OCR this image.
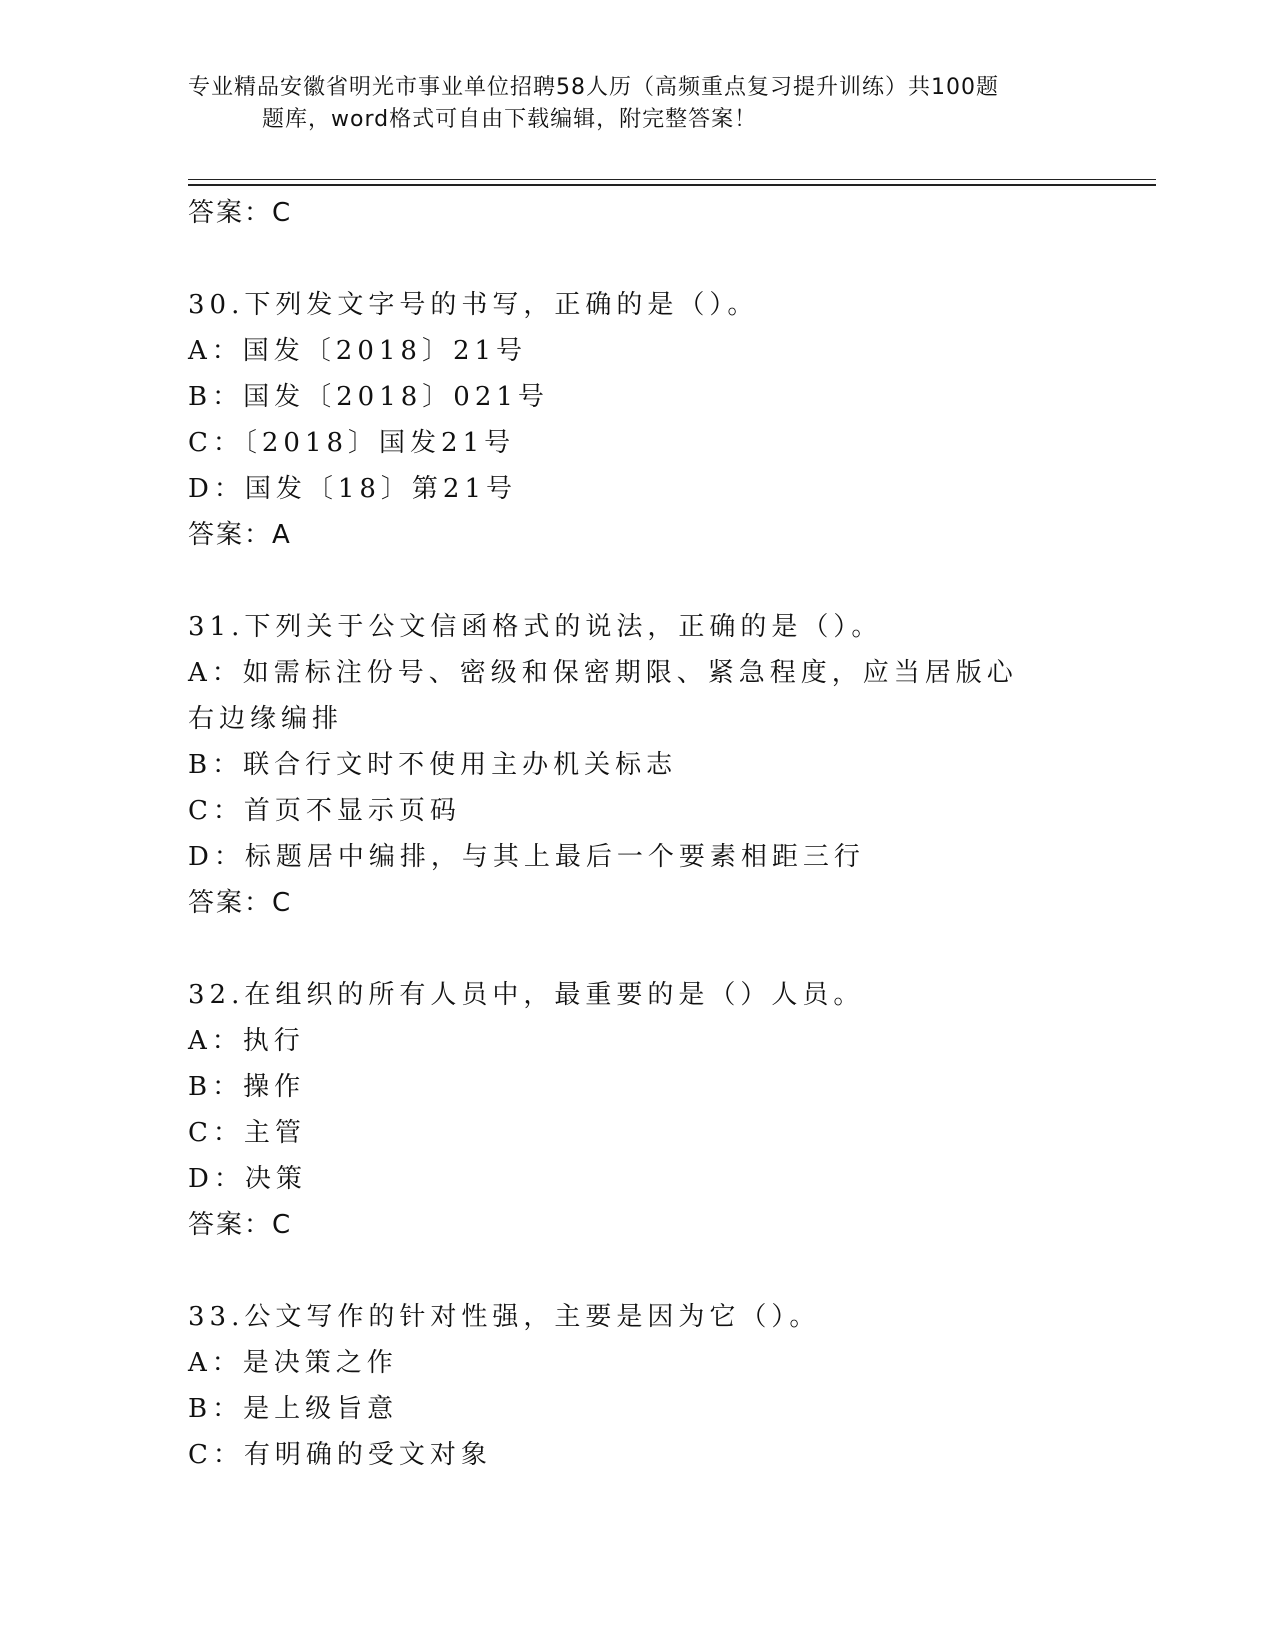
专业精品安徽省明光市事业单位招聘58人历（高频重点复习提升训练）共100题
题库，word格式可自由下载编辑，附完整答案！
答案：C
30.下列发文字号的书写，正确的是（）。
A：国发〔2018〕21号
B：国发〔2018〕021号
C：〔2018〕国发21号
D：国发〔18〕第21号
答案：A
31.下列关于公文信函格式的说法，正确的是（）。
A：如需标注份号、密级和保密期限、紧急程度，应当居版心右边缘编排
B：联合行文时不使用主办机关标志
C：首页不显示页码
D：标题居中编排，与其上最后一个要素相距三行
答案：C
32.在组织的所有人员中，最重要的是（）人员。
A：执行
B：操作
C：主管
D：决策
答案：C
33.公文写作的针对性强，主要是因为它（）。
A：是决策之作
B：是上级旨意
C：有明确的受文对象
